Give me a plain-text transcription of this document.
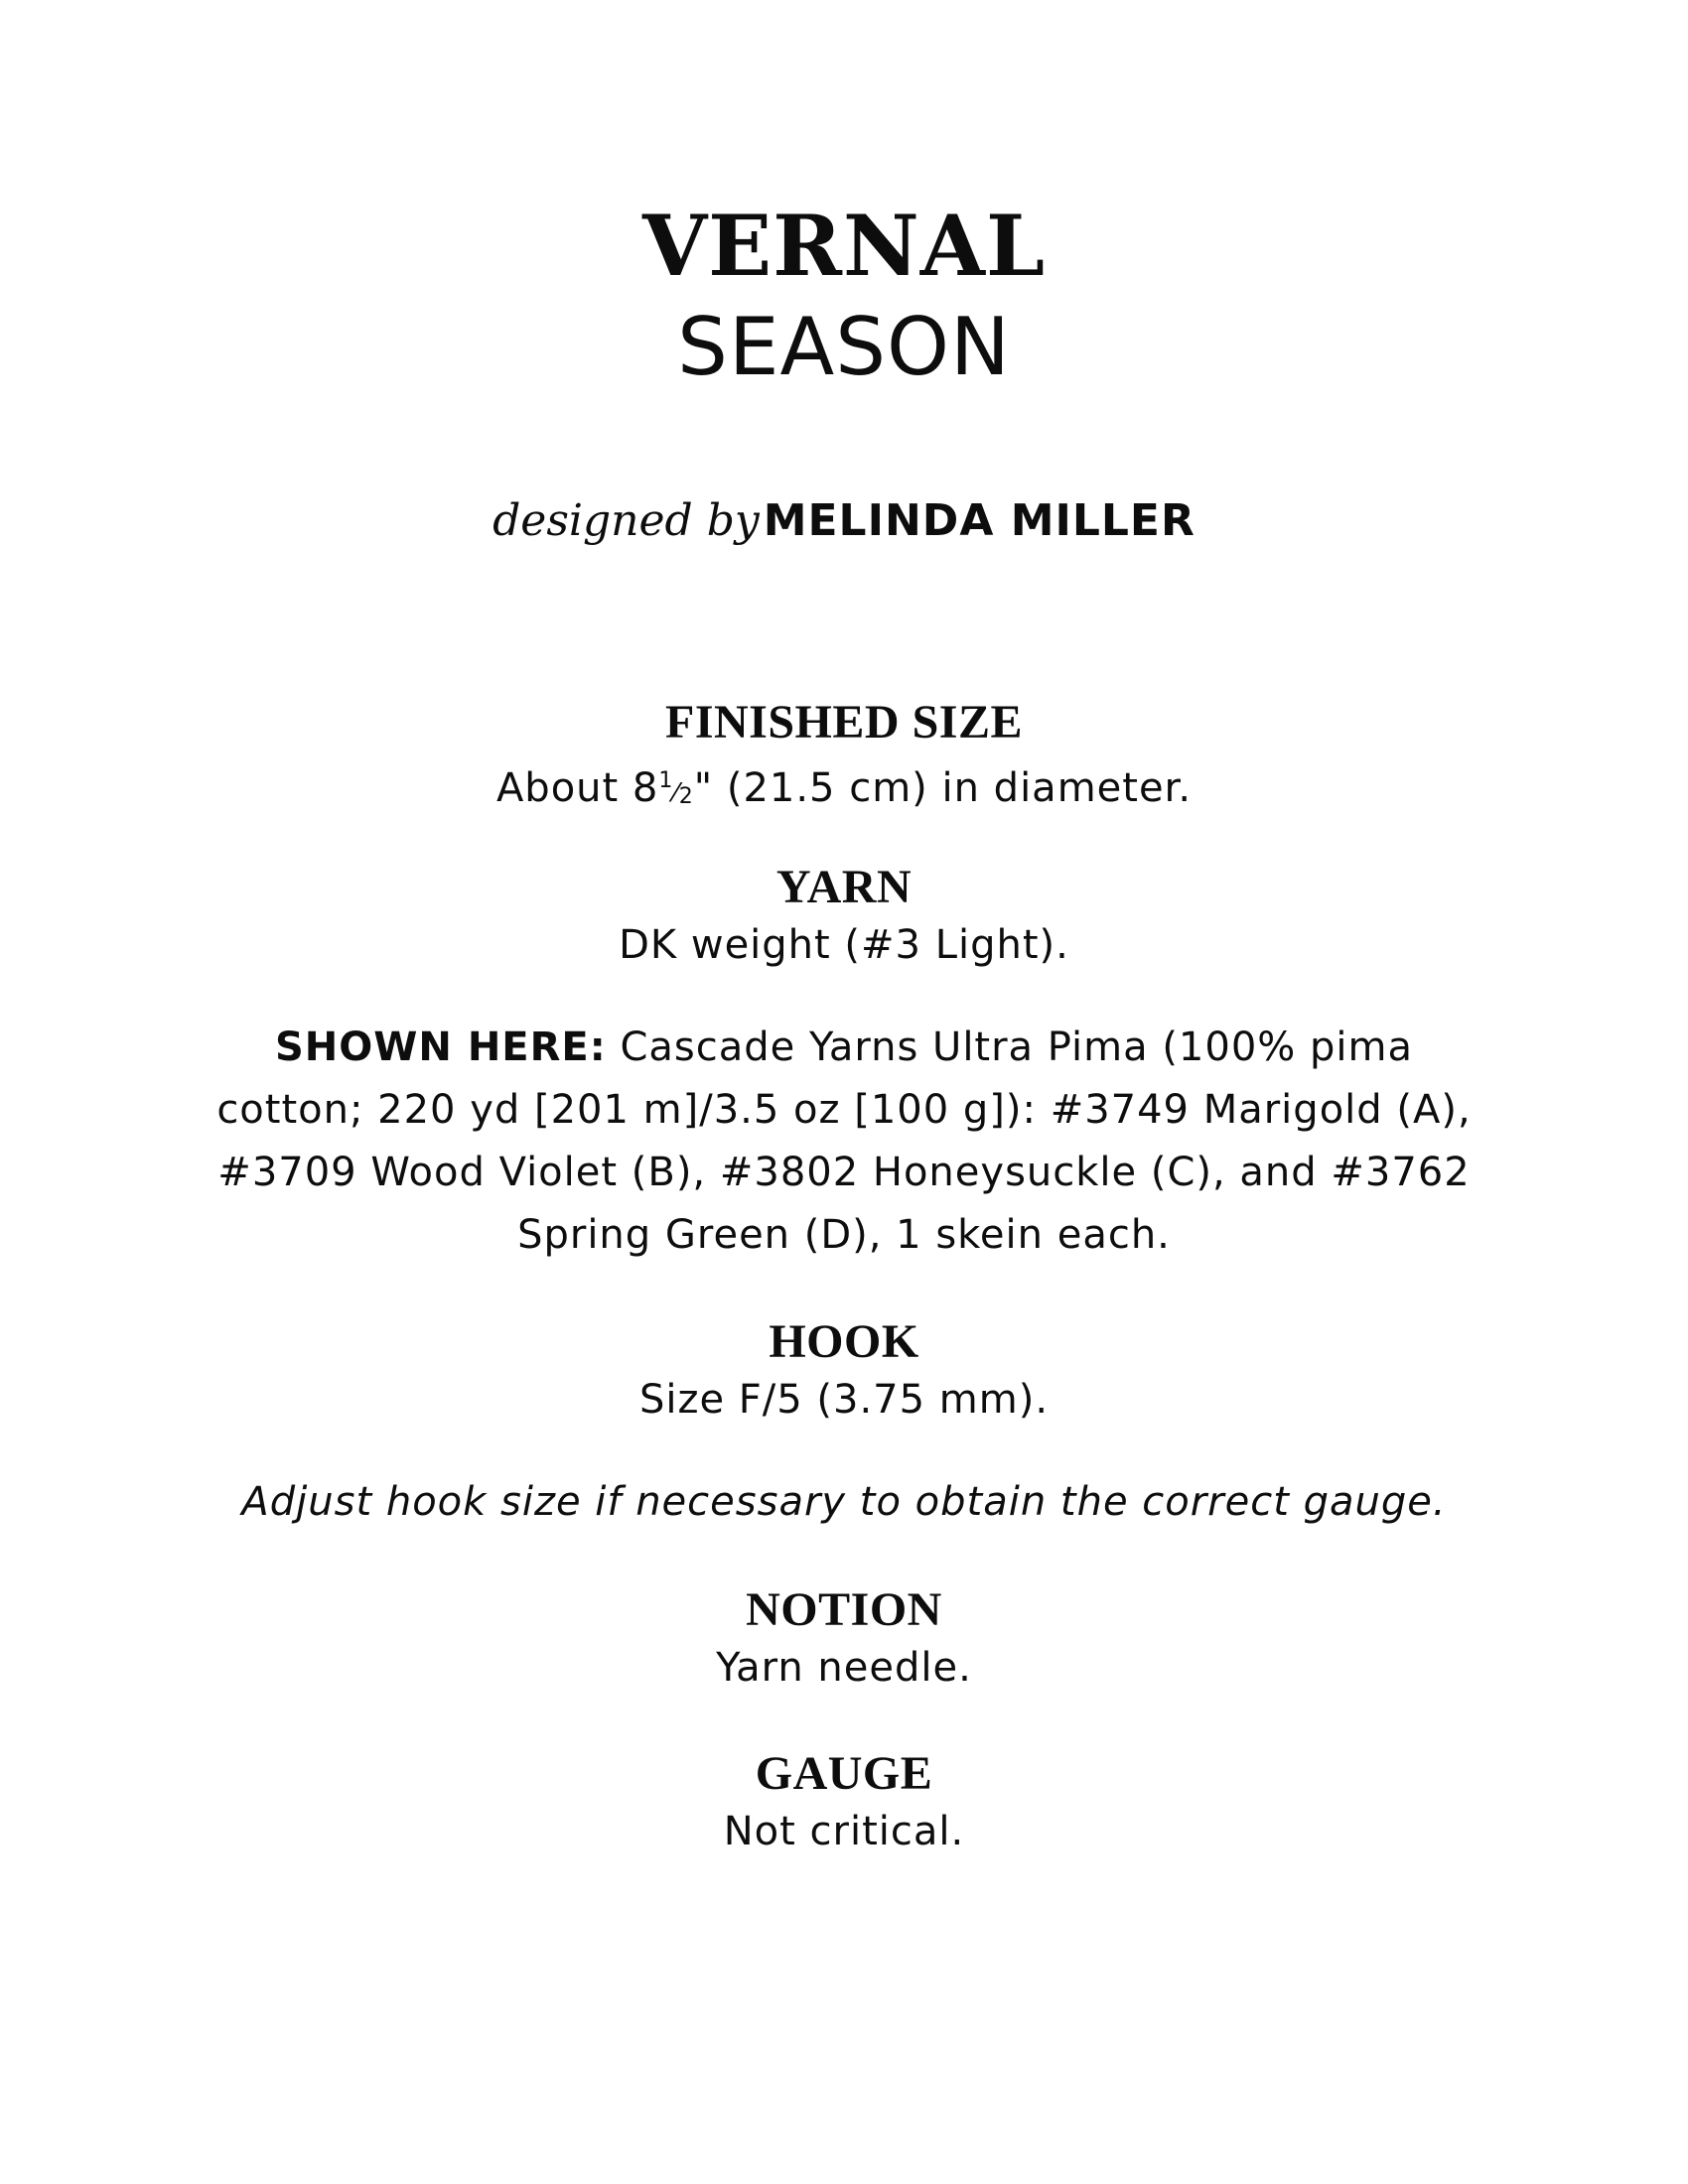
VERNAL
SEASON
designed by MELINDA MILLER
FINISHED SIZE
About $8^1⁄_2$" (21.5 cm) in diameter.
YARN
DK weight (#3 Light).
SHOWN HERE: Cascade Yarns Ultra Pima (100% pima cotton; 220 yd [201 m]/3.5 oz [100 g]): #3749 Marigold (A), #3709 Wood Violet (B), #3802 Honeysuckle (C), and #3762 Spring Green (D), 1 skein each.
HOOK
Size F/5 (3.75 mm).
Adjust hook size if necessary to obtain the correct gauge.
NOTION
Yarn needle.
GAUGE
Not critical.
